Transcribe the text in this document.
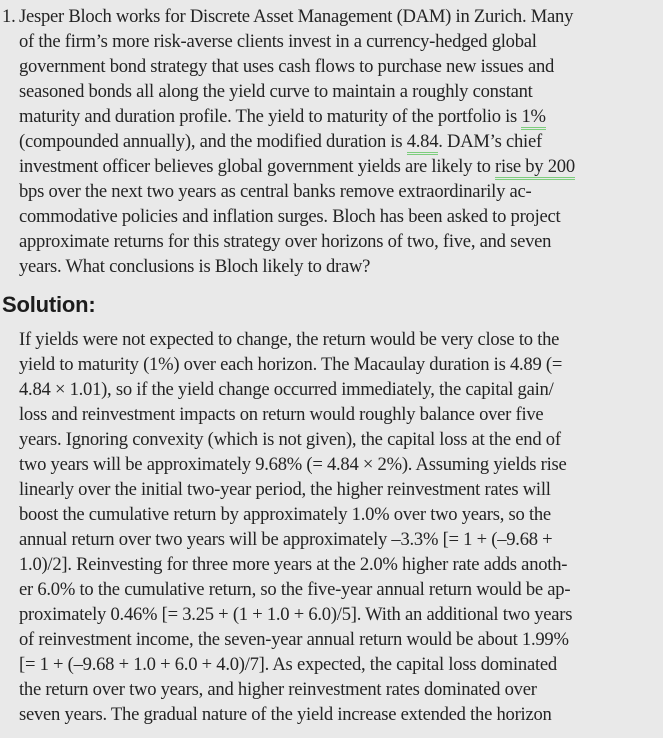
1. Jesper Bloch works for Discrete Asset Management (DAM) in Zurich. Many
of the firm’s more risk-averse clients invest in a currency-hedged global
government bond strategy that uses cash flows to purchase new issues and
seasoned bonds all along the yield curve to maintain a roughly constant
maturity and duration profile. The yield to maturity of the portfolio is 1%
(compounded annually), and the modified duration is 4.84. DAM’s chief
investment officer believes global government yields are likely to rise by 200
bps over the next two years as central banks remove extraordinarily ac-
commodative policies and inflation surges. Bloch has been asked to project
approximate returns for this strategy over horizons of two, five, and seven
years. What conclusions is Bloch likely to draw?
Solution:
If yields were not expected to change, the return would be very close to the
yield to maturity (1%) over each horizon. The Macaulay duration is 4.89 (=
4.84 × 1.01), so if the yield change occurred immediately, the capital gain/
loss and reinvestment impacts on return would roughly balance over five
years. Ignoring convexity (which is not given), the capital loss at the end of
two years will be approximately 9.68% (= 4.84 × 2%). Assuming yields rise
linearly over the initial two-year period, the higher reinvestment rates will
boost the cumulative return by approximately 1.0% over two years, so the
annual return over two years will be approximately –3.3% [= 1 + (–9.68 +
1.0)/2]. Reinvesting for three more years at the 2.0% higher rate adds anoth-
er 6.0% to the cumulative return, so the five-year annual return would be ap-
proximately 0.46% [= 3.25 + (1 + 1.0 + 6.0)/5]. With an additional two years
of reinvestment income, the seven-year annual return would be about 1.99%
[= 1 + (–9.68 + 1.0 + 6.0 + 4.0)/7]. As expected, the capital loss dominated
the return over two years, and higher reinvestment rates dominated over
seven years. The gradual nature of the yield increase extended the horizon
